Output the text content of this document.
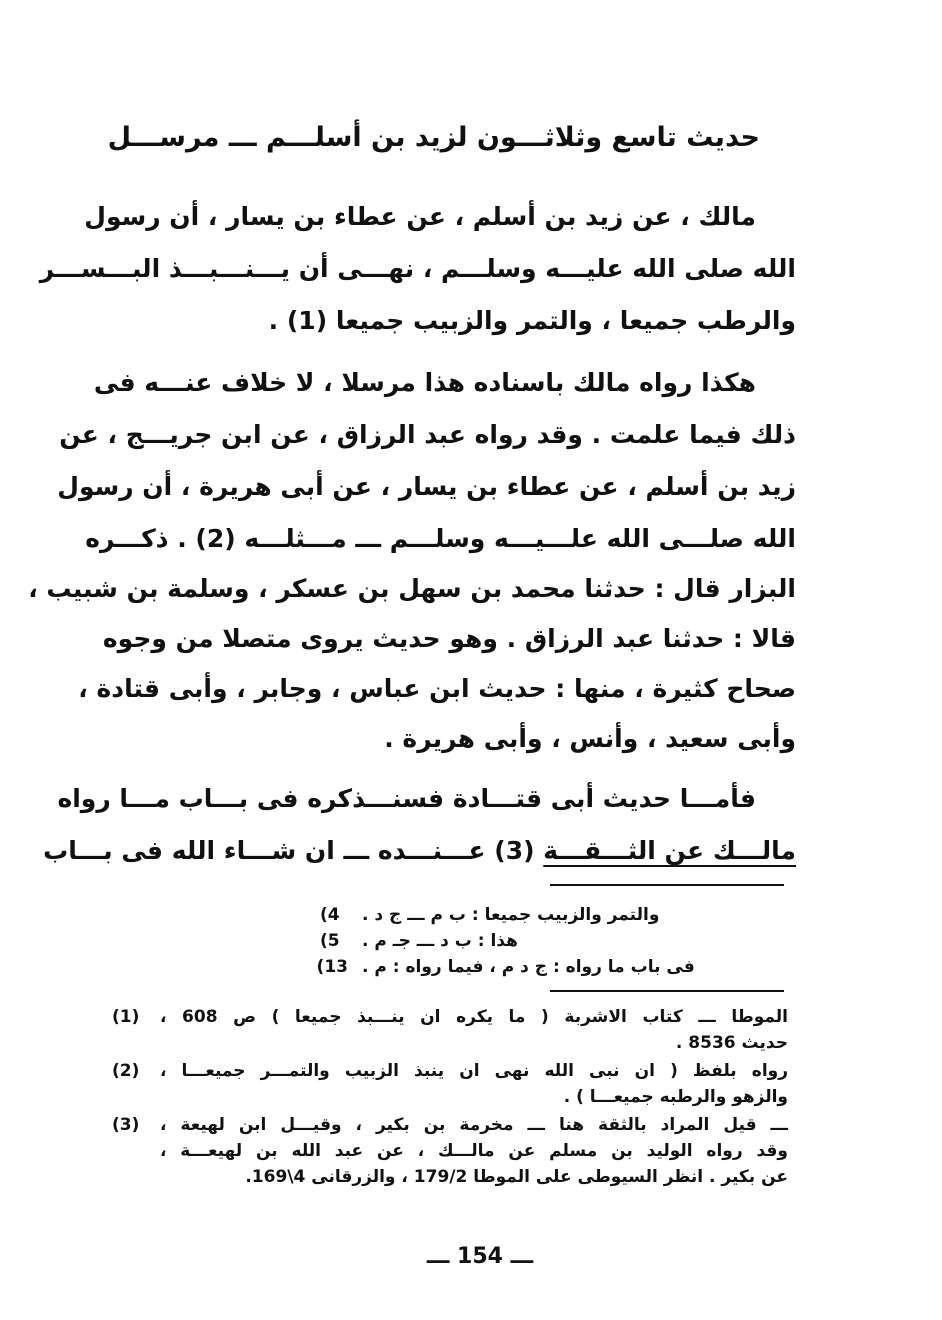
حديث تاسع وثلاثـــون لزيد بن أسلـــم ـــ مرســـل
مالك ، عن زيد بن أسلم ، عن عطاء بن يسار ، أن رسول
الله صلى الله عليـــه وسلـــم ، نهـــى أن يـــنـــبـــذ البـــســـر
والرطب جميعا ، والتمر والزبيب جميعا (1) .
هكذا رواه مالك باسناده هذا مرسلا ، لا خلاف عنـــه فى
ذلك فيما علمت . وقد رواه عبد الرزاق ، عن ابن جريـــج ، عن
زيد بن أسلم ، عن عطاء بن يسار ، عن أبى هريرة ، أن رسول
الله صلـــى الله علـــيـــه وسلـــم ـــ مـــثلـــه (2) . ذكـــره
البزار قال : حدثنا محمد بن سهل بن عسكر ، وسلمة بن شبيب ،
قالا : حدثنا عبد الرزاق . وهو حديث يروى متصلا من وجوه
صحاح كثيرة ، منها : حديث ابن عباس ، وجابر ، وأبى قتادة ،
وأبى سعيد ، وأنس ، وأبى هريرة .
فأمـــا حديث أبى قتـــادة فسنـــذكره فى بـــاب مـــا رواه
مالـــك عن الثـــقـــة (3) عـــنـــده ـــ ان شـــاء الله فى بـــاب
4)	والتمر والزبيب جميعا : ب م ـــ ج د .
5)	هذا : ب د ـــ جـ م .
13) فى باب ما رواه : ج د م ، فيما رواه : م .
(1)	الموطا ـــ كتاب الاشربة ( ما يكره ان ينـــبذ جميعا ) ص 608 ،
حديث 8536 .
(2)	رواه بلفظ ( ان نبى الله نهى ان ينبذ الزبيب والتمـــر جميعـــا ،
والزهو والرطبه جميعـــا ) .
(3)	ـــ قيل المراد بالثقة هنا ـــ مخرمة بن بكير ، وقيـــل ابن لهيعة ،
وقد رواه الوليد بن مسلم عن مالـــك ، عن عبد الله بن لهيعـــة ،
عن بكير . انظر السيوطى على الموطا 179/2 ، والزرقانى 4\169.
ـــ 154 ـــ
